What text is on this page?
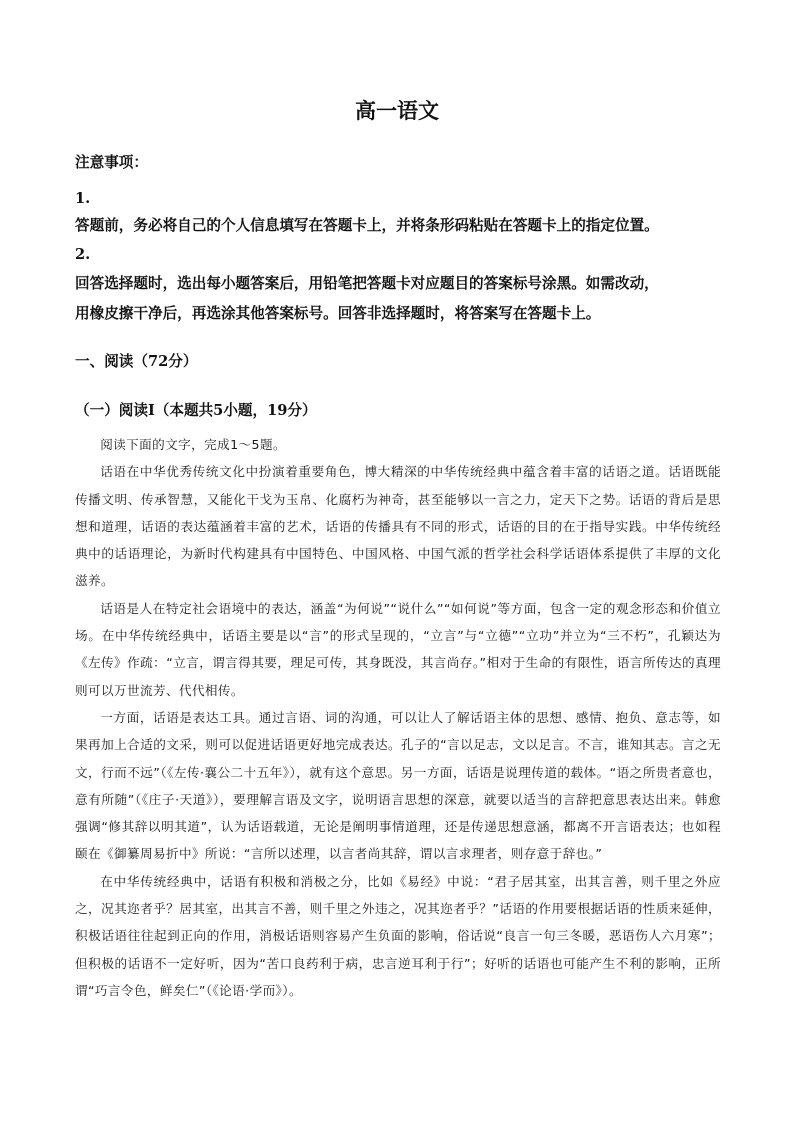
高一语文
注意事项：
1.
答题前，务必将自己的个人信息填写在答题卡上，并将条形码粘贴在答题卡上的指定位置。
2.
回答选择题时，选出每小题答案后，用铅笔把答题卡对应题目的答案标号涂黑。如需改动，
用橡皮擦干净后，再选涂其他答案标号。回答非选择题时，将答案写在答题卡上。
一、阅读（72分）
（一）阅读Ⅰ（本题共5小题，19分）

阅读下面的文字，完成1～5题。

话语在中华优秀传统文化中扮演着重要角色，博大精深的中华传统经典中蕴含着丰富的话语之道。话语既能传播文明、传承智慧，又能化干戈为玉帛、化腐朽为神奇，甚至能够以一言之力，定天下之势。话语的背后是思想和道理，话语的表达蕴涵着丰富的艺术，话语的传播具有不同的形式，话语的目的在于指导实践。中华传统经典中的话语理论，为新时代构建具有中国特色、中国风格、中国气派的哲学社会科学话语体系提供了丰厚的文化滋养。

话语是人在特定社会语境中的表达，涵盖“为何说”“说什么”“如何说”等方面，包含一定的观念形态和价值立场。在中华传统经典中，话语主要是以“言”的形式呈现的，“立言”与“立德”“立功”并立为“三不朽”，孔颖达为《左传》作疏：“立言，谓言得其要，理足可传，其身既没，其言尚存。”相对于生命的有限性，语言所传达的真理则可以万世流芳、代代相传。

一方面，话语是表达工具。通过言语、词的沟通，可以让人了解话语主体的思想、感情、抱负、意志等，如果再加上合适的文采，则可以促进话语更好地完成表达。孔子的“言以足志，文以足言。不言，谁知其志。言之无文，行而不远”（《左传·襄公二十五年》），就有这个意思。另一方面，话语是说理传道的载体。“语之所贵者意也，意有所随”（《庄子·天道》），要理解言语及文字，说明语言思想的深意，就要以适当的言辞把意思表达出来。韩愈强调“修其辞以明其道”，认为话语载道，无论是阐明事情道理，还是传递思想意涵，都离不开言语表达；也如程颐在《御纂周易折中》所说：“言所以述理，以言者尚其辞，谓以言求理者，则存意于辞也。”

在中华传统经典中，话语有积极和消极之分，比如《易经》中说：“君子居其室，出其言善，则千里之外应之，况其迩者乎？居其室，出其言不善，则千里之外违之，况其迩者乎？”话语的作用要根据话语的性质来延伸，积极话语往往起到正向的作用，消极话语则容易产生负面的影响，俗话说“良言一句三冬暖，恶语伤人六月寒”；但积极的话语不一定好听，因为“苦口良药利于病，忠言逆耳利于行”；好听的话语也可能产生不利的影响，正所谓“巧言令色，鲜矣仁”（《论语·学而》）。
